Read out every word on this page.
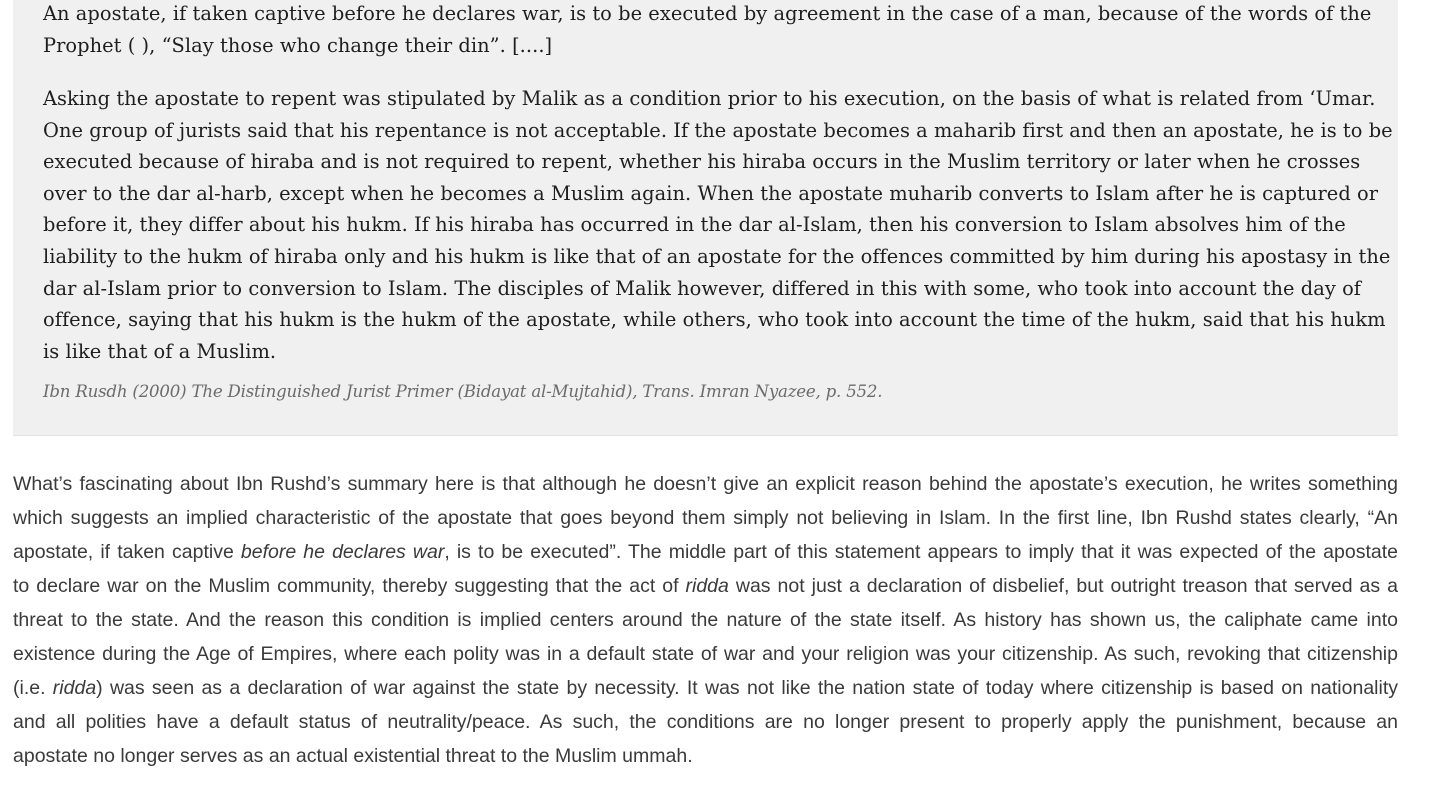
An apostate, if taken captive before he declares war, is to be executed by agreement in the case of a man, because of the words of the
Prophet ( ), “Slay those who change their din”. [....]

Asking the apostate to repent was stipulated by Malik as a condition prior to his execution, on the basis of what is related from ‘Umar.
One group of jurists said that his repentance is not acceptable. If the apostate becomes a maharib first and then an apostate, he is to be
executed because of hiraba and is not required to repent, whether his hiraba occurs in the Muslim territory or later when he crosses
over to the dar al-harb, except when he becomes a Muslim again. When the apostate muharib converts to Islam after he is captured or
before it, they differ about his hukm. If his hiraba has occurred in the dar al-Islam, then his conversion to Islam absolves him of the
liability to the hukm of hiraba only and his hukm is like that of an apostate for the offences committed by him during his apostasy in the
dar al-Islam prior to conversion to Islam. The disciples of Malik however, differed in this with some, who took into account the day of
offence, saying that his hukm is the hukm of the apostate, while others, who took into account the time of the hukm, said that his hukm
is like that of a Muslim.

Ibn Rusdh (2000) The Distinguished Jurist Primer (Bidayat al-Mujtahid), Trans. Imran Nyazee, p. 552.

What’s fascinating about Ibn Rushd’s summary here is that although he doesn’t give an explicit reason behind the apostate’s execution, he writes something
which suggests an implied characteristic of the apostate that goes beyond them simply not believing in Islam. In the first line, Ibn Rushd states clearly, “An
apostate, if taken captive before he declares war, is to be executed”. The middle part of this statement appears to imply that it was expected of the apostate
to declare war on the Muslim community, thereby suggesting that the act of ridda was not just a declaration of disbelief, but outright treason that served as a
threat to the state. And the reason this condition is implied centers around the nature of the state itself. As history has shown us, the caliphate came into
existence during the Age of Empires, where each polity was in a default state of war and your religion was your citizenship. As such, revoking that citizenship
(i.e. ridda) was seen as a declaration of war against the state by necessity. It was not like the nation state of today where citizenship is based on nationality
and all polities have a default status of neutrality/peace. As such, the conditions are no longer present to properly apply the punishment, because an
apostate no longer serves as an actual existential threat to the Muslim ummah.
